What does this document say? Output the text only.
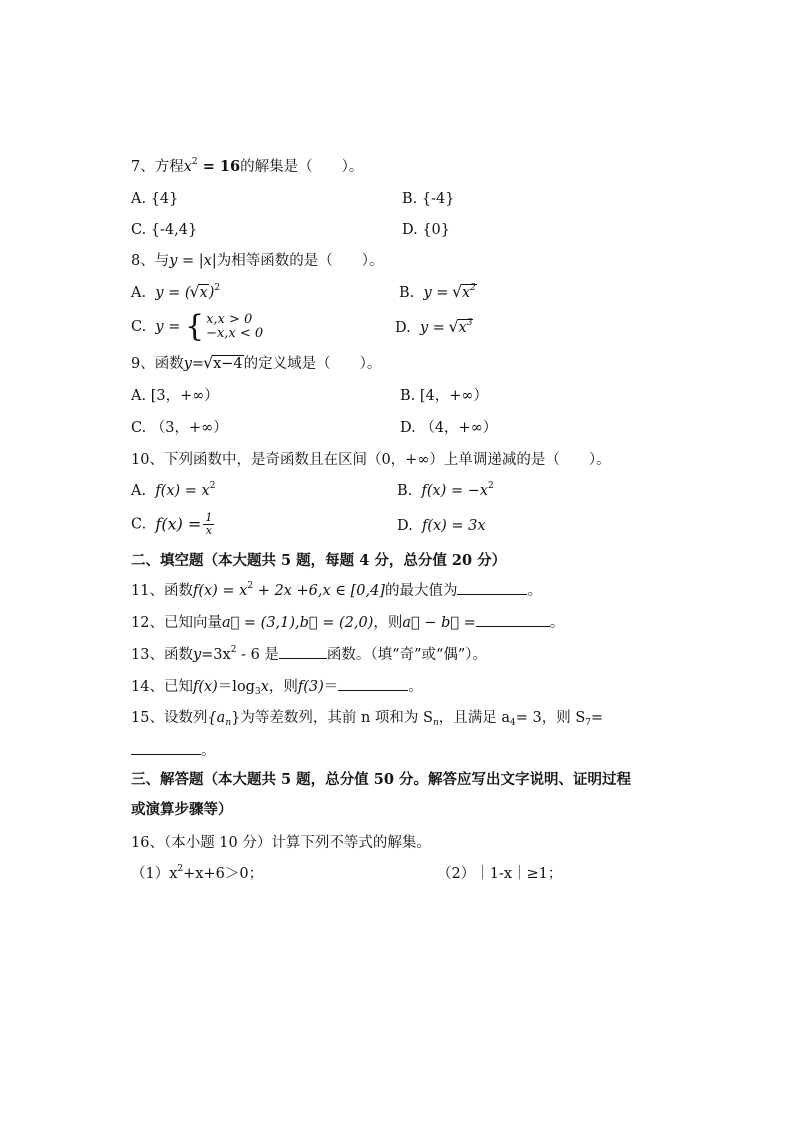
7、方程$x^2 = 16$的解集是（　　）。
A. {4}	B. {-4}
C. {-4,4}	D. {0}
8、与y = |x|为相等函数的是（　　）。
A. y = ( √ x)$^2$	B. y = √ $x^2$
C. y = { x,x > 0
−x,x < 0	D. y = √ $x^3$
9、函数y= √ x−4的定义域是（　　）。
A. [3，+∞）	B. [4，+∞）
C. （3，+∞）	D. （4，+∞）
10、下列函数中，是奇函数且在区间（0，+∞）上单调递减的是（　　）。
A. $f(x) = x^2$	B. $f(x) = -x^2$
C. $f(x) = \frac{1}{x}$	D. f(x) = 3x
二、填空题（本大题共 5 题，每题 4 分，总分值 20 分）
11、函数$f(x) = x^2 + 2x +6,x$ ∈ [0,4]的最大值为	。
12、已知向量a⃗ = (3,1),b⃗ = (2,0)，则a⃗ − b⃗ =	。
13、函数$y=3x^2 - 6$ 是	函数。（填“奇”或“偶”）。
14、已知$f(x)=\log_3x$，则f(3)＝	。
15、设数列$\{a_n\}$为等差数列，其前 n 项和为 $S_n$，且满足 $a_4= 3$，则 $S_7=$
。
三、解答题（本大题共 5 题，总分值 50 分。解答应写出文字说明、证明过程
或演算步骤等）
16、（本小题 10 分）计算下列不等式的解集。
$(1)x^2+x+6>0$；	（2）｜1-x｜≥1；
